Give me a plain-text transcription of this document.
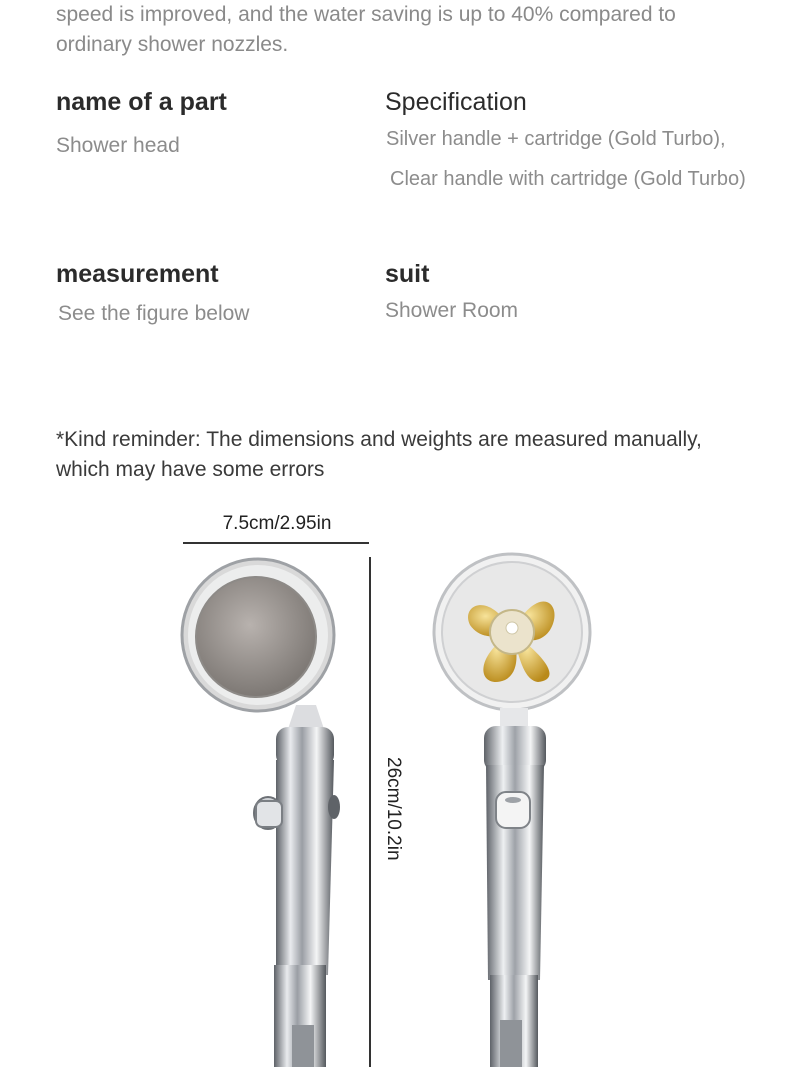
speed is improved, and the water saving is up to 40% compared to
ordinary shower nozzles.
name of a part
Shower head
Specification
Silver handle + cartridge (Gold Turbo),
Clear handle with cartridge (Gold Turbo)
measurement
See the figure below
suit
Shower Room
*Kind reminder: The dimensions and weights are measured manually,
which may have some errors
7.5cm/2.95in
26cm/10.2in
